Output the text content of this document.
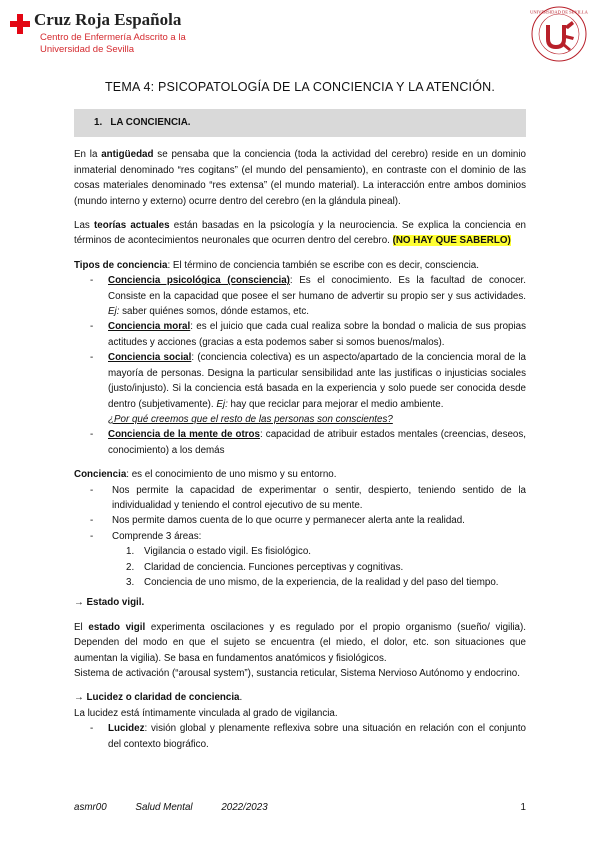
Cruz Roja Española
Centro de Enfermería Adscrito a la
Universidad de Sevilla
UNIVERSIDAD DE SEVILLA
TEMA 4: PSICOPATOLOGÍA DE LA CONCIENCIA Y LA ATENCIÓN.
1. LA CONCIENCIA.

En la antigüedad se pensaba que la conciencia (toda la actividad del cerebro) reside en un dominio inmaterial denominado “res cogitans” (el mundo del pensamiento), en contraste con el dominio de las cosas materiales denominado “res extensa” (el mundo material). La interacción entre ambos dominios (mundo interno y externo) ocurre dentro del cerebro (en la glándula pineal).

Las teorías actuales están basadas en la psicología y la neurociencia. Se explica la conciencia en términos de acontecimientos neuronales que ocurren dentro del cerebro. (NO HAY QUE SABERLO)

Tipos de conciencia: El término de conciencia también se escribe con es decir, consciencia.

- Conciencia psicológica (consciencia): Es el conocimiento. Es la facultad de conocer. Consiste en la capacidad que posee el ser humano de advertir su propio ser y sus actividades. Ej: saber quiénes somos, dónde estamos, etc.
- Conciencia moral: es el juicio que cada cual realiza sobre la bondad o malicia de sus propias actitudes y acciones (gracias a esta podemos saber si somos buenos/malos).
- Conciencia social: (conciencia colectiva) es un aspecto/apartado de la conciencia moral de la mayoría de personas. Designa la particular sensibilidad ante las justificas o injusticias sociales (justo/injusto). Si la conciencia está basada en la experiencia y solo puede ser conocida desde dentro (subjetivamente). Ej: hay que reciclar para mejorar el medio ambiente.
¿Por qué creemos que el resto de las personas son conscientes?
- Conciencia de la mente de otros: capacidad de atribuir estados mentales (creencias, deseos, conocimiento) a los demás

Conciencia: es el conocimiento de uno mismo y su entorno.

- Nos permite la capacidad de experimentar o sentir, despierto, teniendo sentido de la individualidad y teniendo el control ejecutivo de su mente.
- Nos permite damos cuenta de lo que ocurre y permanecer alerta ante la realidad.
- Comprende 3 áreas:
1. Vigilancia o estado vigil. Es fisiológico.
2. Claridad de conciencia. Funciones perceptivas y cognitivas.
3. Conciencia de uno mismo, de la experiencia, de la realidad y del paso del tiempo.

→ Estado vigil.

El estado vigil experimenta oscilaciones y es regulado por el propio organismo (sueño/ vigilia). Dependen del modo en que el sujeto se encuentra (el miedo, el dolor, etc. son situaciones que aumentan la vigilia). Se basa en fundamentos anatómicos y fisiológicos.

Sistema de activación (“arousal system”), sustancia reticular, Sistema Nervioso Autónomo y endocrino.

→ Lucidez o claridad de conciencia.

La lucidez está íntimamente vinculada al grado de vigilancia.

- Lucidez: visión global y plenamente reflexiva sobre una situación en relación con el conjunto del contexto biográfico.
asmr00	Salud Mental	2022/2023	1
